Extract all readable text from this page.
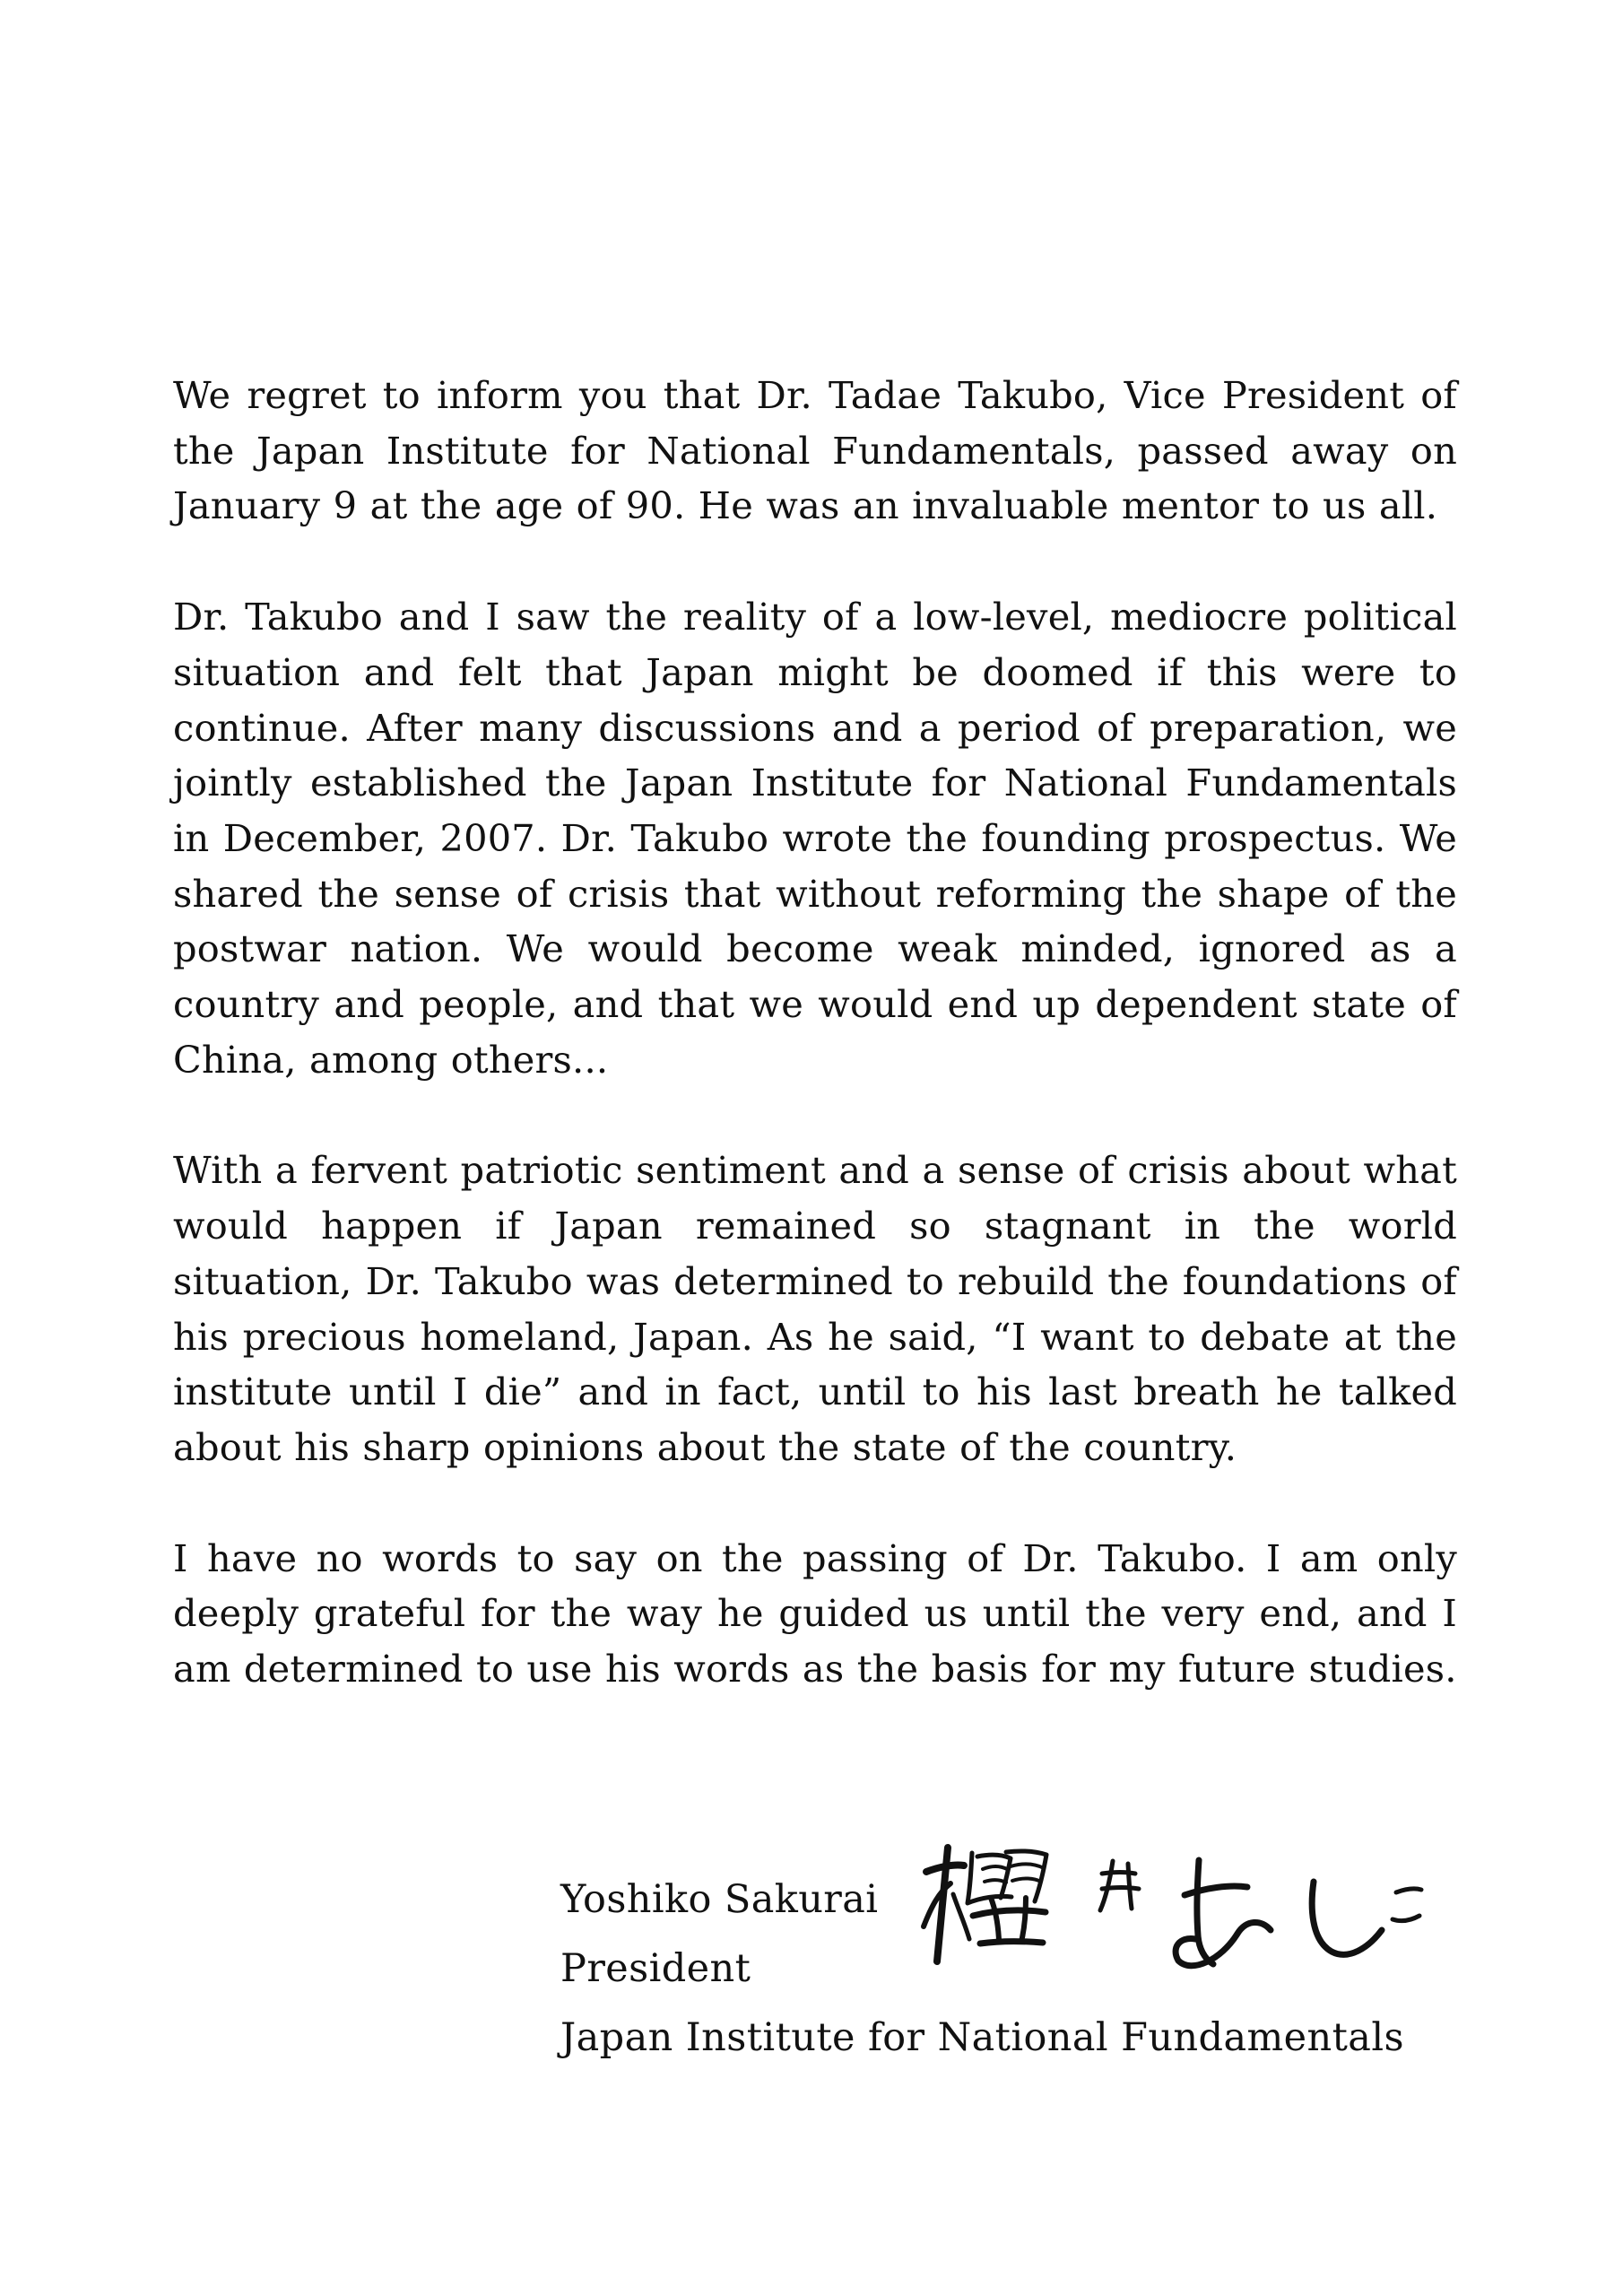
We regret to inform you that Dr. Tadae Takubo, Vice President of the Japan Institute for National Fundamentals, passed away on January 9 at the age of 90. He was an invaluable mentor to us all.

Dr. Takubo and I saw the reality of a low-level, mediocre political situation and felt that Japan might be doomed if this were to continue. After many discussions and a period of preparation, we jointly established the Japan Institute for National Fundamentals in December, 2007. Dr. Takubo wrote the founding prospectus. We shared the sense of crisis that without reforming the shape of the postwar nation. We would become weak minded, ignored as a country and people, and that we would end up dependent state of China, among others...

With a fervent patriotic sentiment and a sense of crisis about what would happen if Japan remained so stagnant in the world situation, Dr. Takubo was determined to rebuild the foundations of his precious homeland, Japan. As he said, “I want to debate at the institute until I die” and in fact, until to his last breath he talked about his sharp opinions about the state of the country.

I have no words to say on the passing of Dr. Takubo. I am only deeply grateful for the way he guided us until the very end, and I am determined to use his words as the basis for my future studies.

Yoshiko Sakurai
President
Japan Institute for National Fundamentals
